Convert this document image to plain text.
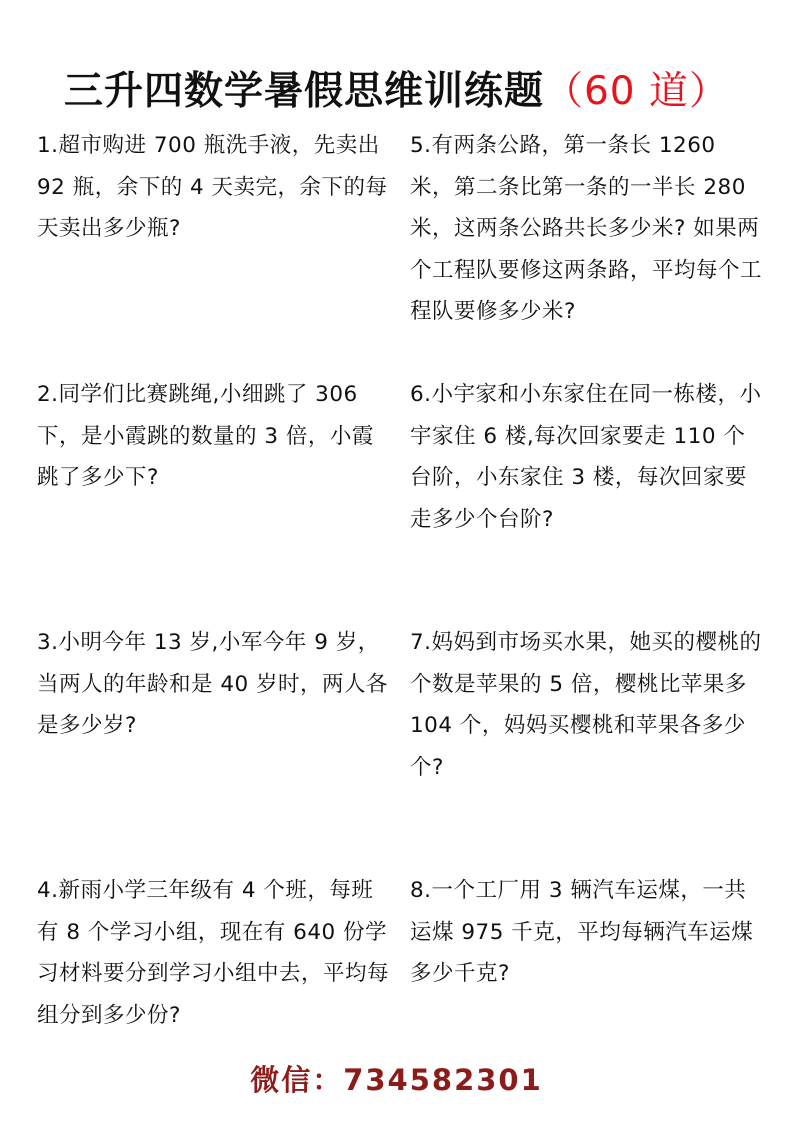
三升四数学暑假思维训练题（60 道）
1.超市购进 700 瓶洗手液，先卖出 92 瓶，余下的 4 天卖完，余下的每天卖出多少瓶?
2.同学们比赛跳绳,小细跳了 306 下，是小霞跳的数量的 3 倍，小霞跳了多少下?
3.小明今年 13 岁,小军今年 9 岁，当两人的年龄和是 40 岁时，两人各是多少岁?
4.新雨小学三年级有 4 个班，每班有 8 个学习小组，现在有 640 份学习材料要分到学习小组中去，平均每组分到多少份?
5.有两条公路，第一条长 1260 米，第二条比第一条的一半长 280 米，这两条公路共长多少米? 如果两个工程队要修这两条路，平均每个工程队要修多少米?
6.小宇家和小东家住在同一栋楼，小宇家住 6 楼,每次回家要走 110 个台阶，小东家住 3 楼，每次回家要走多少个台阶?
7.妈妈到市场买水果，她买的樱桃的个数是苹果的 5 倍，樱桃比苹果多 104 个，妈妈买樱桃和苹果各多少个?
8.一个工厂用 3 辆汽车运煤，一共运煤 975 千克，平均每辆汽车运煤多少千克?
微信：734582301
